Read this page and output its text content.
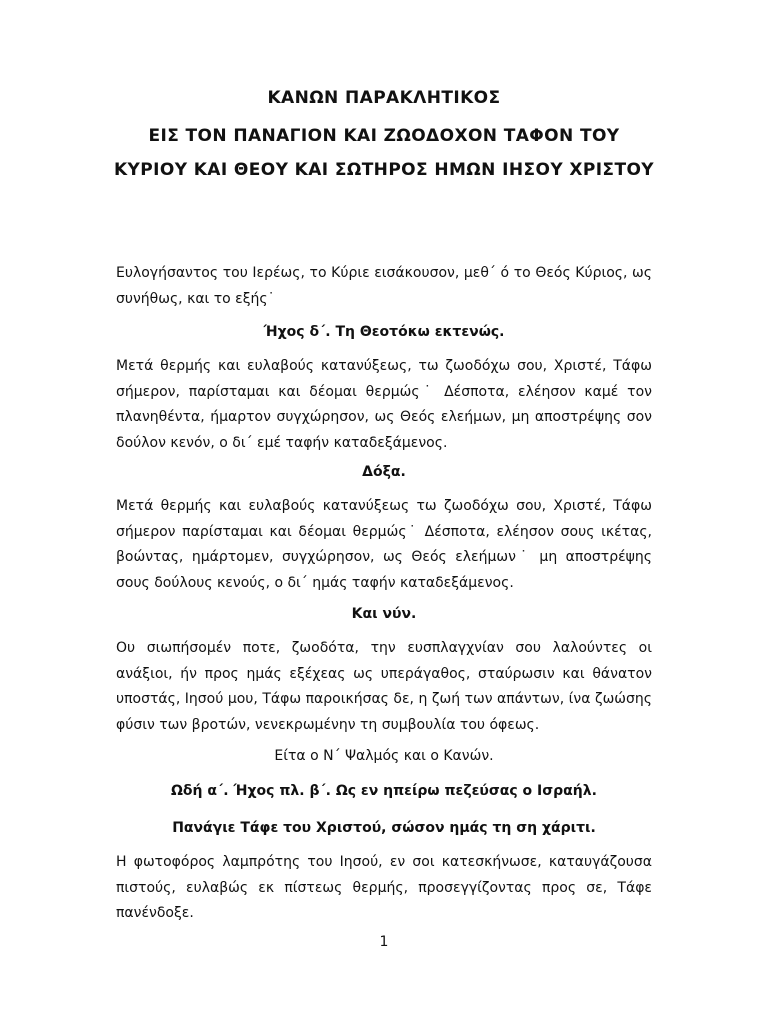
ΚΑΝΩΝ ΠΑΡΑΚΛΗΤΙΚΟΣ

ΕΙΣ ΤΟΝ ΠΑΝΑΓΙΟΝ ΚΑΙ ΖΩΟΔΟΧΟΝ ΤΑΦΟΝ ΤΟΥ ΚΥΡΙΟΥ ΚΑΙ ΘΕΟΥ ΚΑΙ ΣΩΤΗΡΟΣ ΗΜΩΝ ΙΗΣΟΥ ΧΡΙΣΤΟΥ

Ευλογήσαντος του Ιερέως, το Κύριε εισάκουσον, μεθ΄ ό το Θεός Κύριος, ως συνήθως, και το εξής˙

Ήχος δ΄. Τη Θεοτόκω εκτενώς.

Μετά θερμής και ευλαβούς κατανύξεως, τω ζωοδόχω σου, Χριστέ, Τάφω σήμερον, παρίσταμαι και δέομαι θερμώς˙ Δέσποτα, ελέησον καμέ τον πλανηθέντα, ήμαρτον συγχώρησον, ως Θεός ελεήμων, μη αποστρέψης σον δούλον κενόν, ο δι΄ εμέ ταφήν καταδεξάμενος.

Δόξα.

Μετά θερμής και ευλαβούς κατανύξεως τω ζωοδόχω σου, Χριστέ, Τάφω σήμερον παρίσταμαι και δέομαι θερμώς˙ Δέσποτα, ελέησον σους ικέτας, βοώντας, ημάρτομεν, συγχώρησον, ως Θεός ελεήμων˙ μη αποστρέψης σους δούλους κενούς, ο δι΄ ημάς ταφήν καταδεξάμενος.

Και νύν.

Ου σιωπήσομέν ποτε, ζωοδότα, την ευσπλαγχνίαν σου λαλούντες οι ανάξιοι, ήν προς ημάς εξέχεας ως υπεράγαθος, σταύρωσιν και θάνατον υποστάς, Ιησού μου, Τάφω παροικήσας δε, η ζωή των απάντων, ίνα ζωώσης φύσιν των βροτών, νενεκρωμένην τη συμβουλία του όφεως.

Είτα ο Ν΄ Ψαλμός και ο Κανών.

Ωδή α΄. Ήχος πλ. β΄. Ως εν ηπείρω πεζεύσας ο Ισραήλ.

Πανάγιε Τάφε του Χριστού, σώσον ημάς τη ση χάριτι.

Η φωτοφόρος λαμπρότης του Ιησού, εν σοι κατεσκήνωσε, καταυγάζουσα πιστούς, ευλαβώς εκ πίστεως θερμής, προσεγγίζοντας προς σε, Τάφε πανένδοξε.

1
